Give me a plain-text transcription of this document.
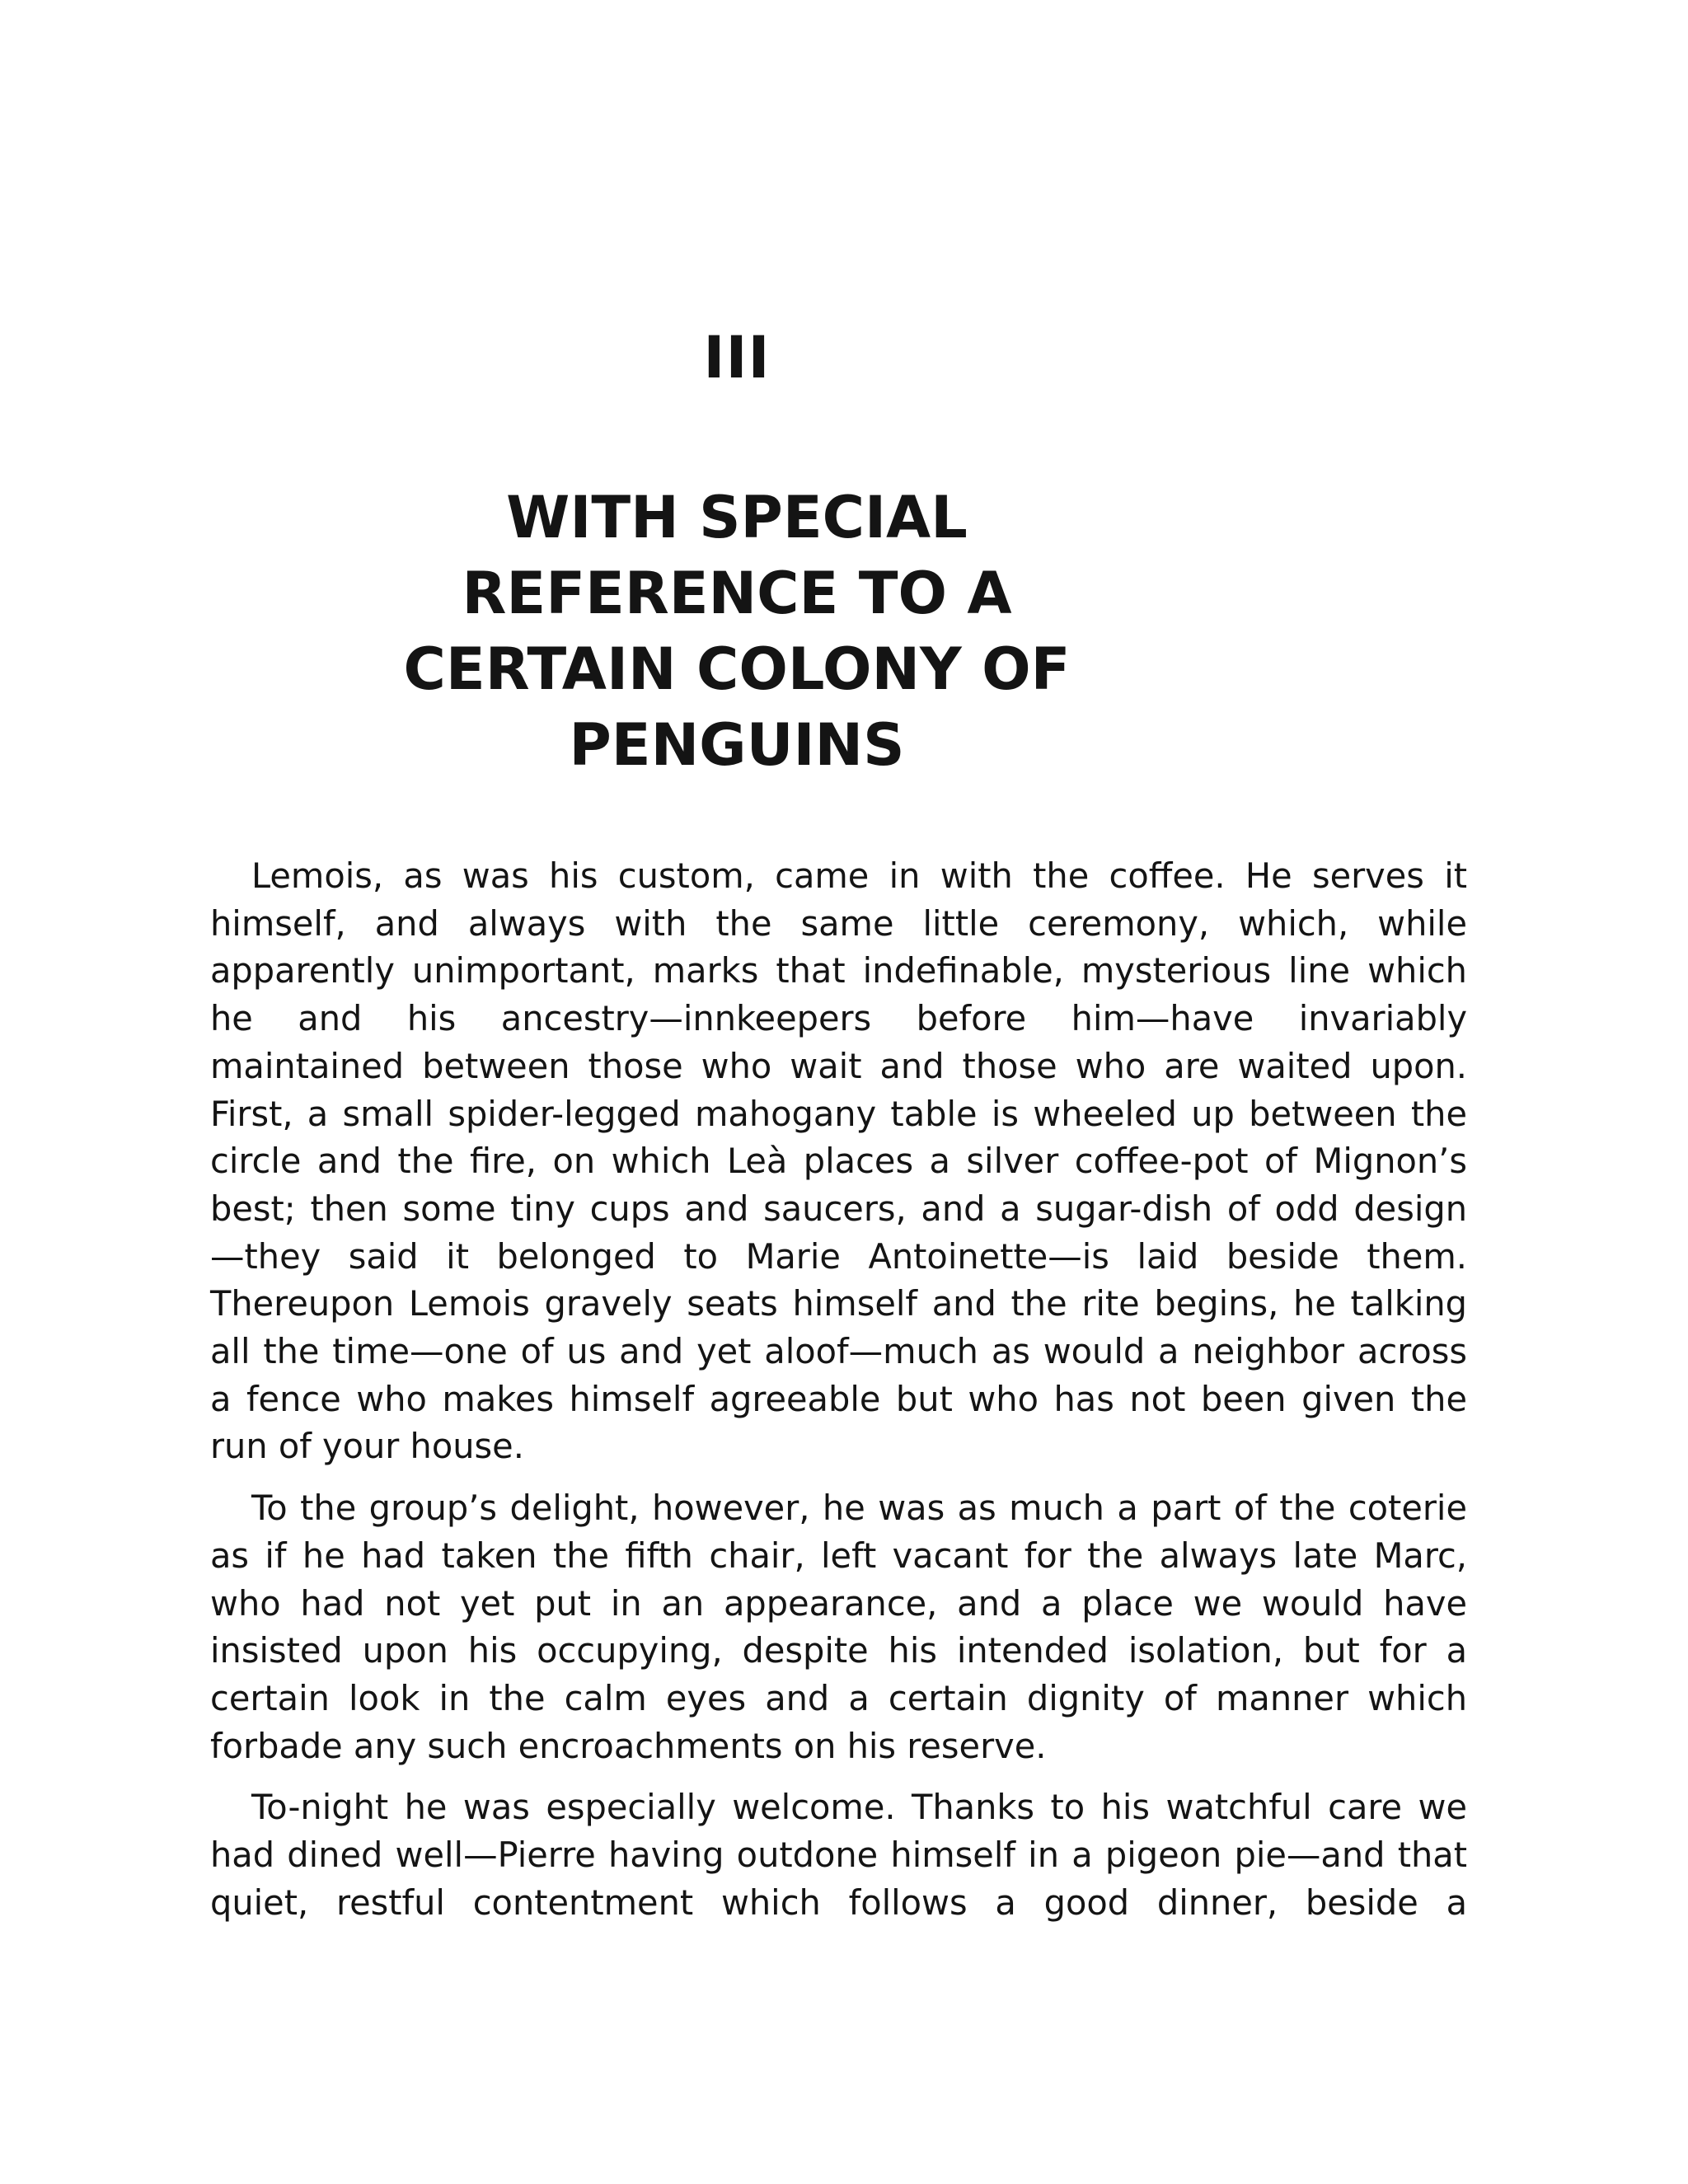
III
WITH SPECIAL
REFERENCE TO A
CERTAIN COLONY OF
PENGUINS

Lemois, as was his custom, came in with the coffee. He serves it himself, and always with the same little ceremony, which, while apparently unimportant, marks that indefinable, mysterious line which he and his ancestry—innkeepers before him—have invariably maintained between those who wait and those who are waited upon. First, a small spider-legged mahogany table is wheeled up between the circle and the fire, on which Leà places a silver coffee-pot of Mignon’s best; then some tiny cups and saucers, and a sugar-dish of odd design —they said it belonged to Marie Antoinette—is laid beside them. Thereupon Lemois gravely seats himself and the rite begins, he talking all the time—one of us and yet aloof—much as would a neighbor across a fence who makes himself agreeable but who has not been given the run of your house.

To the group’s delight, however, he was as much a part of the coterie as if he had taken the fifth chair, left vacant for the always late Marc, who had not yet put in an appearance, and a place we would have insisted upon his occupying, despite his intended isolation, but for a certain look in the calm eyes and a certain dignity of manner which forbade any such encroachments on his reserve.

To-night he was especially welcome. Thanks to his watchful care we had dined well—Pierre having outdone himself in a pigeon pie—and that quiet, restful contentment which follows a good dinner, beside a
